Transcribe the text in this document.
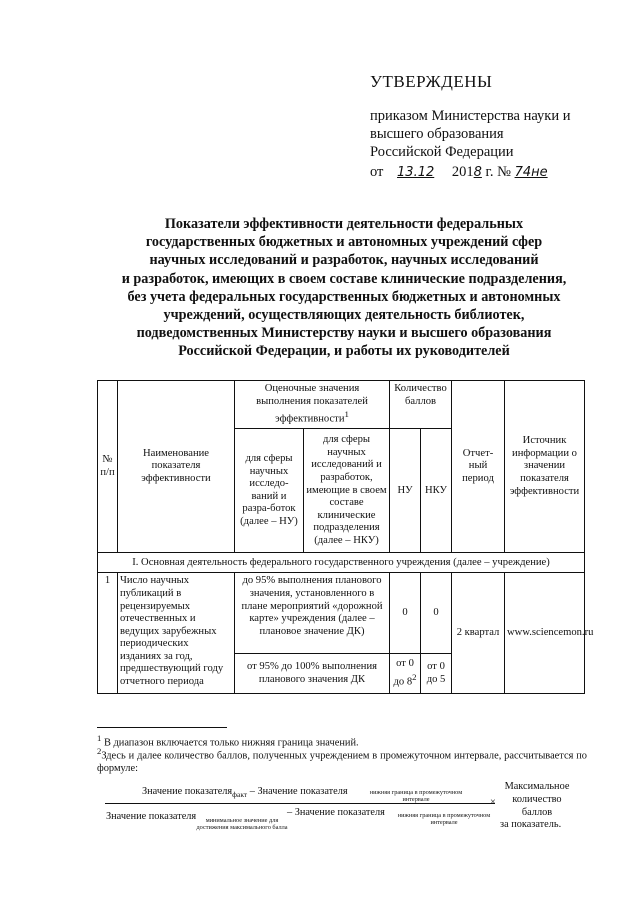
УТВЕРЖДЕНЫ
приказом Министерства науки и
высшего образования
Российской Федерации
от 13.12 2018 г. № 74не
Показатели эффективности деятельности федеральных
государственных бюджетных и автономных учреждений сфер
научных исследований и разработок, научных исследований
и разработок, имеющих в своем составе клинические подразделения,
без учета федеральных государственных бюджетных и автономных
учреждений, осуществляющих деятельность библиотек,
подведомственных Министерству науки и высшего образования
Российской Федерации, и работы их руководителей
№ п/п	Наименование показателя эффективности	Оценочные значения выполнения показателей эффективности$^1$		Количество баллов		Отчет-ный период	Источник информации о значении показателя эффективности
		для сферы научных исследо-ваний и разра-боток (далее – НУ)	для сферы научных исследований и разработок, имеющие в своем составе клинические подразделения (далее – НКУ)	НУ	НКУ		
I. Основная деятельность федерального государственного учреждения (далее – учреждение)							
1	Число научных публикаций в рецензируемых отечественных и ведущих зарубежных периодических изданиях за год, предшествующий году отчетного периода	до 95% выполнения планового значения, установленного в плане мероприятий «дорожной карте» учреждения (далее – плановое значение ДК)		0	0	2 квартал	www.sciencemon.ru
		от 95% до 100% выполнения планового значения ДК		от 0 до $8^2$	от 0 до 5		
$^1$ В диапазон включается только нижняя граница значений.
$^2$Здесь и далее количество баллов, полученных учреждением в промежуточном интервале, рассчитывается по формуле:
Значение показателя$_{факт}$ – Значение показателя	нижняя граница в промежуточном интервале	×
Максимальное количество баллов
Значение показателя	минимальное значение для достижения максимального балла
– Значение показателя	нижняя граница в промежуточном интервале	за показатель.
